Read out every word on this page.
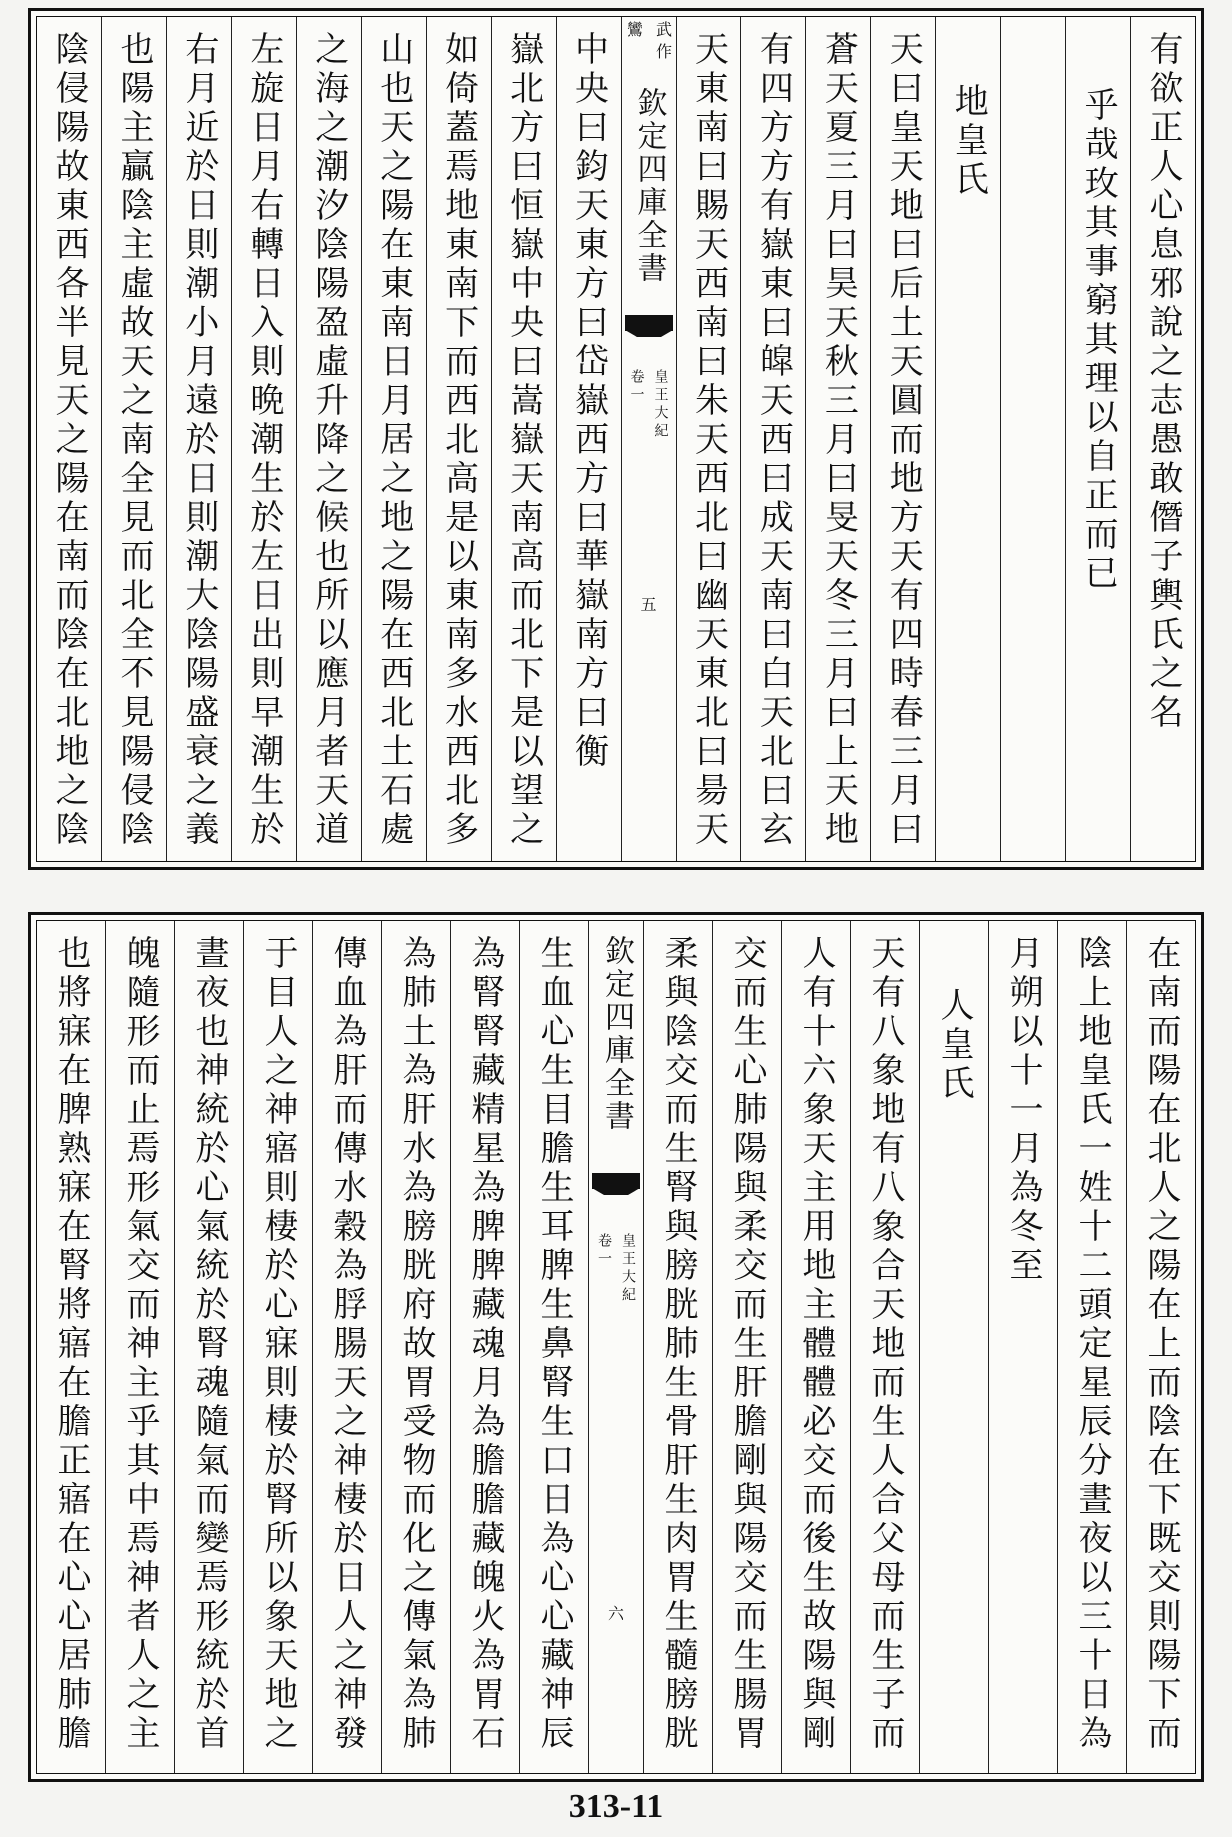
有欲正人心息邪說之志愚敢僭子輿氏之名
乎哉玫其事窮其理以自正而已
地皇氏
天曰皇天地曰后土天圓而地方天有四時春三月曰
蒼天夏三月曰昊天秋三月曰旻天冬三月曰上天地
有四方方有嶽東曰皡天西曰成天南曰白天北曰玄
天東南曰賜天西南曰朱天西北曰幽天東北曰昜天
武作
鸞
欽定四庫全書
皇王大紀
卷一
五
中央曰鈞天東方曰岱嶽西方曰華嶽南方曰衡
嶽北方曰恒嶽中央曰嵩嶽天南高而北下是以望之
如倚蓋焉地東南下而西北高是以東南多水西北多
山也天之陽在東南日月居之地之陽在西北土石處
之海之潮汐陰陽盈虛升降之候也所以應月者天道
左旋日月右轉日入則晩潮生於左日出則早潮生於
右月近於日則潮小月遠於日則潮大陰陽盛衰之義
也陽主贏陰主虛故天之南全見而北全不見陽侵陰
陰侵陽故東西各半見天之陽在南而陰在北地之陰
在南而陽在北人之陽在上而陰在下既交則陽下而
陰上地皇氏一姓十二頭定星辰分晝夜以三十日為
月朔以十一月為冬至
人皇氏
天有八象地有八象合天地而生人合父母而生子而
人有十六象天主用地主體體必交而後生故陽與剛
交而生心肺陽與柔交而生肝膽剛與陽交而生腸胃
柔與陰交而生腎與膀胱肺生骨肝生肉胃生髓膀胱
欽定四庫全書
皇王大紀
卷一
六
生血心生目膽生耳脾生鼻腎生口日為心心藏神辰
為腎腎藏精星為脾脾藏魂月為膽膽藏魄火為胃石
為肺土為肝水為膀胱府故胃受物而化之傳氣為肺
傳血為肝而傳水穀為脬腸天之神棲於日人之神發
于目人之神寤則棲於心寐則棲於腎所以象天地之
晝夜也神統於心氣統於腎魂隨氣而變焉形統於首
魄隨形而止焉形氣交而神主乎其中焉神者人之主
也將寐在脾熟寐在腎將寤在膽正寤在心心居肺膽
313-11
